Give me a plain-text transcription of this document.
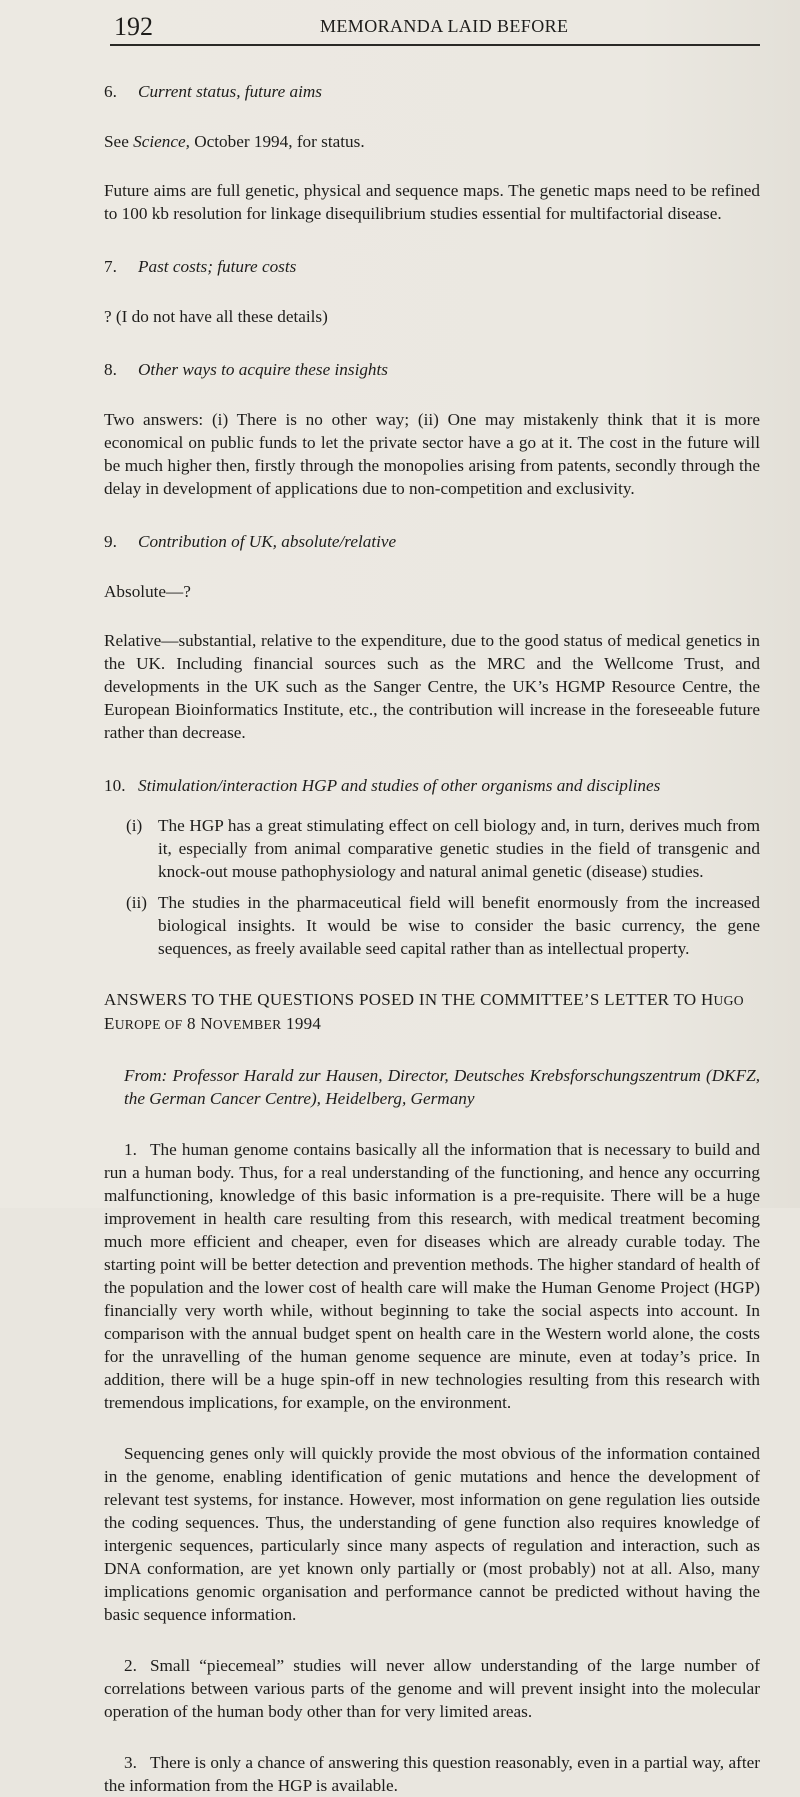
192	MEMORANDA LAID BEFORE
6.	Current status, future aims

See Science, October 1994, for status.

Future aims are full genetic, physical and sequence maps. The genetic maps need to be refined to 100 kb resolution for linkage disequilibrium studies essential for multifactorial disease.

7.	Past costs; future costs

? (I do not have all these details)

8.	Other ways to acquire these insights

Two answers: (i) There is no other way; (ii) One may mistakenly think that it is more economical on public funds to let the private sector have a go at it. The cost in the future will be much higher then, firstly through the monopolies arising from patents, secondly through the delay in development of applications due to non-competition and exclusivity.

9.	Contribution of UK, absolute/relative

Absolute—?

Relative—substantial, relative to the expenditure, due to the good status of medical genetics in the UK. Including financial sources such as the MRC and the Wellcome Trust, and developments in the UK such as the Sanger Centre, the UK’s HGMP Resource Centre, the European Bioinformatics Institute, etc., the contribution will increase in the foreseeable future rather than decrease.

10. Stimulation/interaction HGP and studies of other organisms and disciplines
(i) The HGP has a great stimulating effect on cell biology and, in turn, derives much from it, especially from animal comparative genetic studies in the field of transgenic and knock-out mouse pathophysiology and natural animal genetic (disease) studies.
(ii) The studies in the pharmaceutical field will benefit enormously from the increased biological insights. It would be wise to consider the basic currency, the gene sequences, as freely available seed capital rather than as intellectual property.

ANSWERS TO THE QUESTIONS POSED IN THE COMMITTEE’S LETTER TO HUGO EUROPE OF 8 NOVEMBER 1994

From: Professor Harald zur Hausen, Director, Deutsches Krebsforschungszentrum (DKFZ, the German Cancer Centre), Heidelberg, Germany

1. The human genome contains basically all the information that is necessary to build and run a human body. Thus, for a real understanding of the functioning, and hence any occurring malfunctioning, knowledge of this basic information is a pre-requisite. There will be a huge improvement in health care resulting from this research, with medical treatment becoming much more efficient and cheaper, even for diseases which are already curable today. The starting point will be better detection and prevention methods. The higher standard of health of the population and the lower cost of health care will make the Human Genome Project (HGP) financially very worth while, without beginning to take the social aspects into account. In comparison with the annual budget spent on health care in the Western world alone, the costs for the unravelling of the human genome sequence are minute, even at today’s price. In addition, there will be a huge spin-off in new technologies resulting from this research with tremendous implications, for example, on the environment.

Sequencing genes only will quickly provide the most obvious of the information contained in the genome, enabling identification of genic mutations and hence the development of relevant test systems, for instance. However, most information on gene regulation lies outside the coding sequences. Thus, the understanding of gene function also requires knowledge of intergenic sequences, particularly since many aspects of regulation and interaction, such as DNA conformation, are yet known only partially or (most probably) not at all. Also, many implications genomic organisation and performance cannot be predicted without having the basic sequence information.

2. Small “piecemeal” studies will never allow understanding of the large number of correlations between various parts of the genome and will prevent insight into the molecular operation of the human body other than for very limited areas.

3. There is only a chance of answering this question reasonably, even in a partial way, after the information from the HGP is available.
